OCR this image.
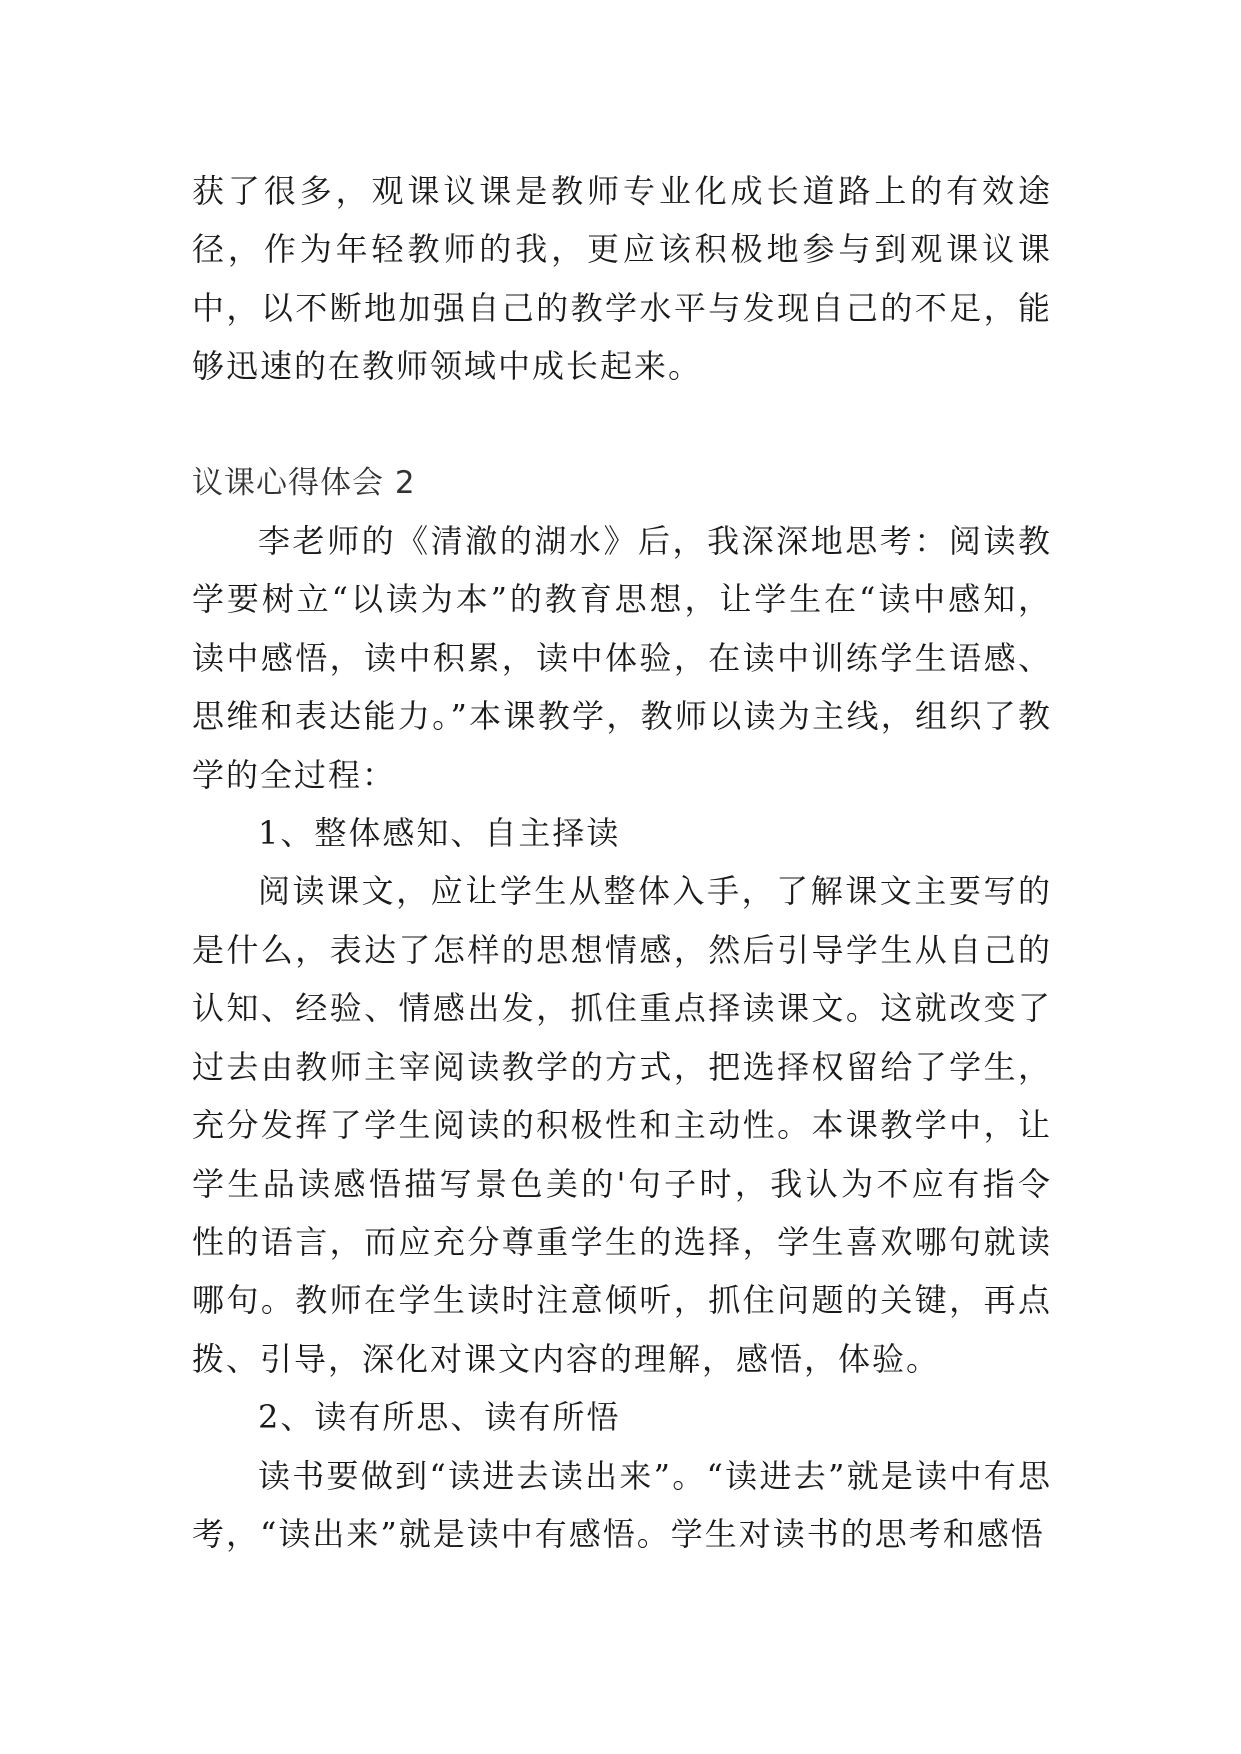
获了很多，观课议课是教师专业化成长道路上的有效途径，作为年轻教师的我，更应该积极地参与到观课议课中，以不断地加强自己的教学水平与发现自己的不足，能够迅速的在教师领域中成长起来。

议课心得体会 2

李老师的《清澈的湖水》后，我深深地思考：阅读教学要树立“以读为本”的教育思想，让学生在“读中感知，读中感悟，读中积累，读中体验，在读中训练学生语感、思维和表达能力。”本课教学，教师以读为主线，组织了教学的全过程：

1、整体感知、自主择读

阅读课文，应让学生从整体入手，了解课文主要写的是什么，表达了怎样的思想情感，然后引导学生从自己的认知、经验、情感出发，抓住重点择读课文。这就改变了过去由教师主宰阅读教学的方式，把选择权留给了学生，充分发挥了学生阅读的积极性和主动性。本课教学中，让学生品读感悟描写景色美的'句子时，我认为不应有指令性的语言，而应充分尊重学生的选择，学生喜欢哪句就读哪句。教师在学生读时注意倾听，抓住问题的关键，再点拨、引导，深化对课文内容的理解，感悟，体验。

2、读有所思、读有所悟

读书要做到“读进去读出来”。“读进去”就是读中有思考，“读出来”就是读中有感悟。学生对读书的思考和感悟
